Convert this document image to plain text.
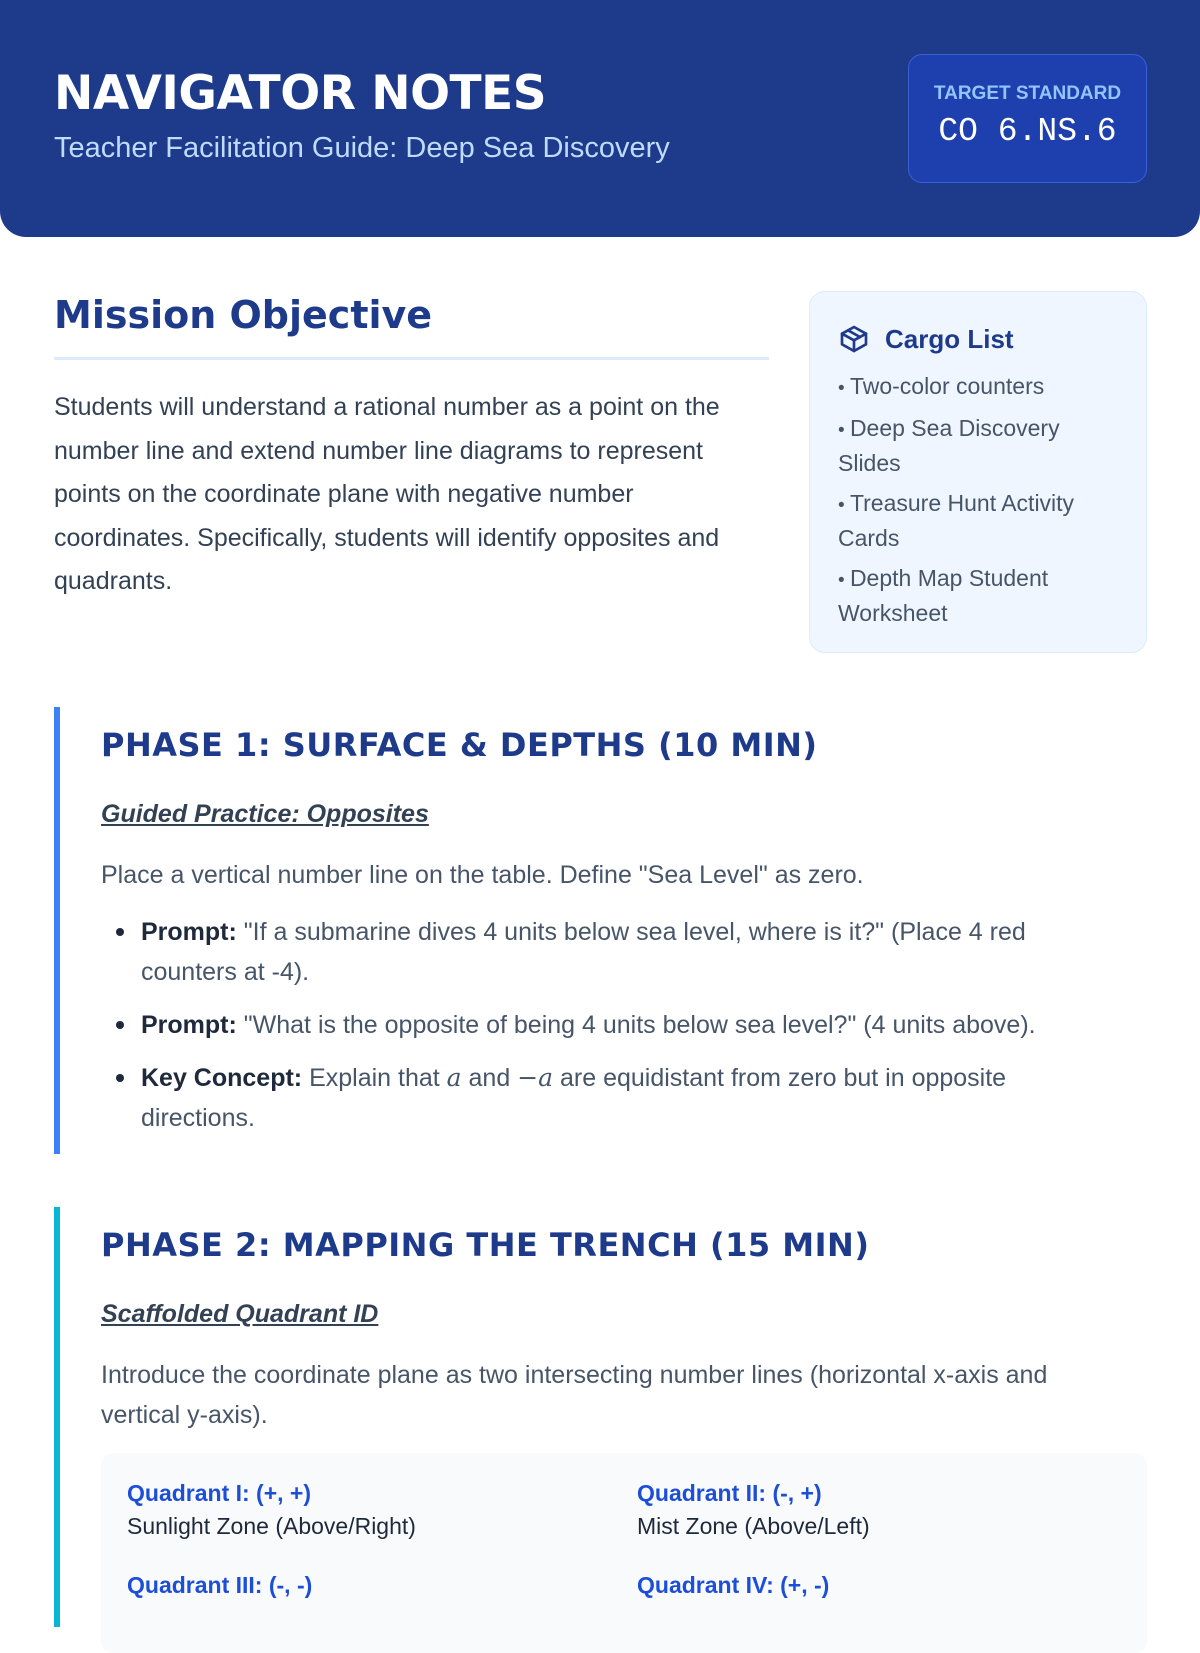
NAVIGATOR NOTES
Teacher Facilitation Guide: Deep Sea Discovery
TARGET STANDARD
CO 6.NS.6
Mission Objective
Students will understand a rational number as a point on the number line and extend number line diagrams to represent points on the coordinate plane with negative number coordinates. Specifically, students will identify opposites and quadrants.
Cargo List
• Two-color counters
• Deep Sea Discovery Slides
• Treasure Hunt Activity Cards
• Depth Map Student Worksheet
PHASE 1: SURFACE & DEPTHS (10 MIN)
Guided Practice: Opposites
Place a vertical number line on the table. Define "Sea Level" as zero.
Prompt: "If a submarine dives 4 units below sea level, where is it?" (Place 4 red counters at -4).
Prompt: "What is the opposite of being 4 units below sea level?" (4 units above).
Key Concept: Explain that a and −a are equidistant from zero but in opposite directions.
PHASE 2: MAPPING THE TRENCH (15 MIN)
Scaffolded Quadrant ID
Introduce the coordinate plane as two intersecting number lines (horizontal x-axis and vertical y-axis).
Quadrant I: (+, +)
Sunlight Zone (Above/Right)
Quadrant II: (-, +)
Mist Zone (Above/Left)
Quadrant III: (-, -)	Quadrant IV: (+, -)
